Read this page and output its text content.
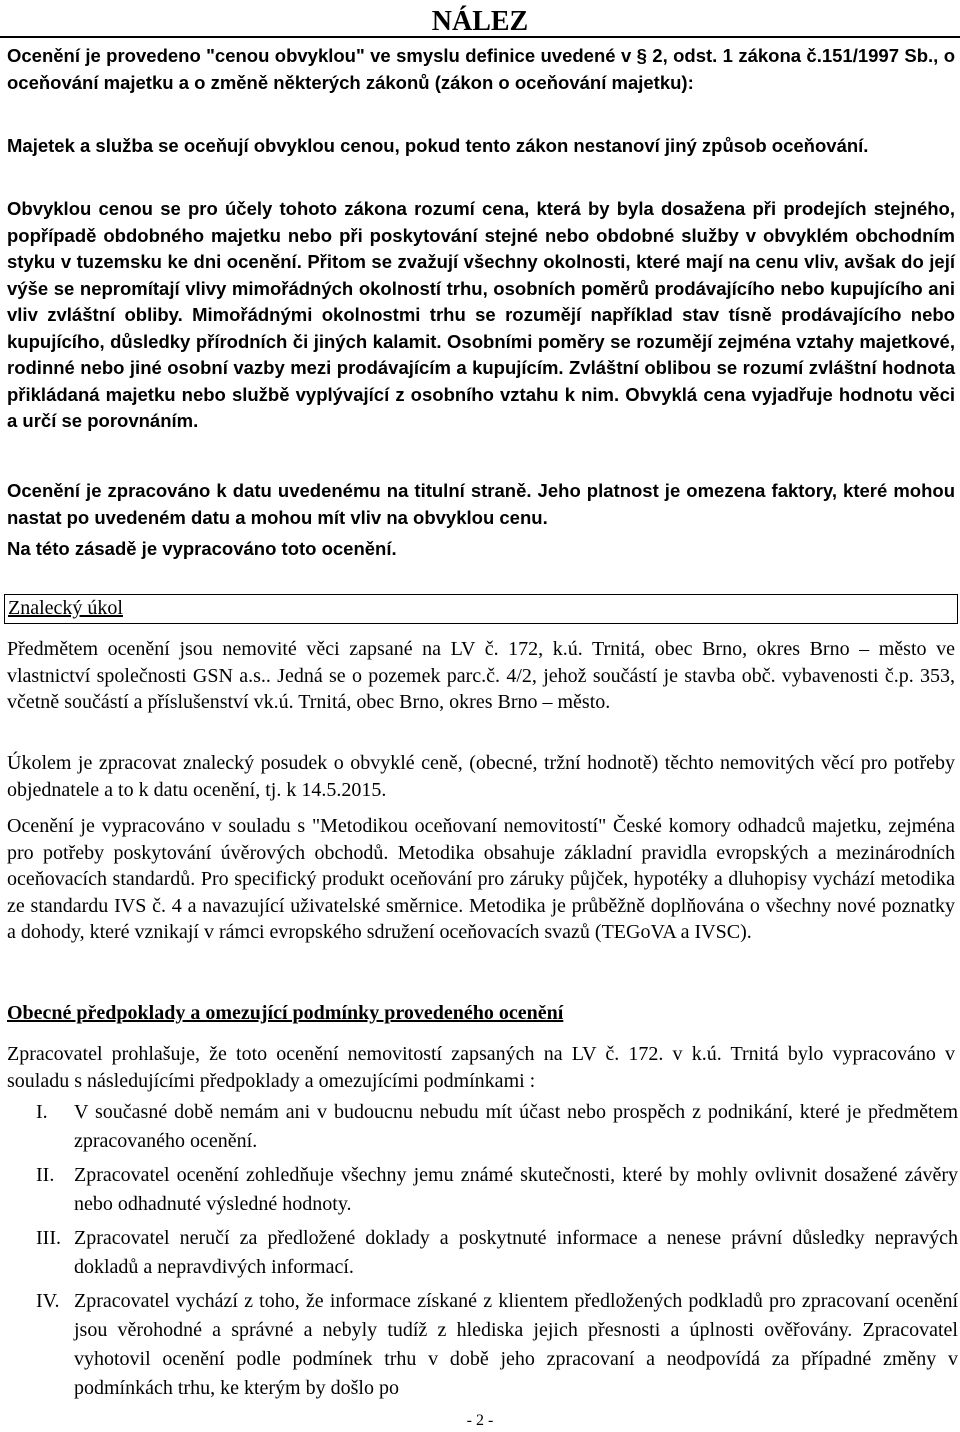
NÁLEZ

Ocenění je provedeno "cenou obvyklou" ve smyslu definice uvedené v § 2, odst. 1 zákona č.151/1997 Sb., o oceňování majetku a o změně některých zákonů (zákon o oceňování majetku):

Majetek a služba se oceňují obvyklou cenou, pokud tento zákon nestanoví jiný způsob oceňování.

Obvyklou cenou se pro účely tohoto zákona rozumí cena, která by byla dosažena při prodejích stejného, popřípadě obdobného majetku nebo při poskytování stejné nebo obdobné služby v obvyklém obchodním styku v tuzemsku ke dni ocenění. Přitom se zvažují všechny okolnosti, které mají na cenu vliv, avšak do její výše se nepromítají vlivy mimořádných okolností trhu, osobních poměrů prodávajícího nebo kupujícího ani vliv zvláštní obliby. Mimořádnými okolnostmi trhu se rozumějí například stav tísně prodávajícího nebo kupujícího, důsledky přírodních či jiných kalamit. Osobními poměry se rozumějí zejména vztahy majetkové, rodinné nebo jiné osobní vazby mezi prodávajícím a kupujícím. Zvláštní oblibou se rozumí zvláštní hodnota přikládaná majetku nebo službě vyplývající z osobního vztahu k nim. Obvyklá cena vyjadřuje hodnotu věci a určí se porovnáním.

Ocenění je zpracováno k datu uvedenému na titulní straně. Jeho platnost je omezena faktory, které mohou nastat po uvedeném datu a mohou mít vliv na obvyklou cenu.

Na této zásadě je vypracováno toto ocenění.

Znalecký úkol

Předmětem ocenění jsou nemovité věci zapsané na LV č. 172, k.ú. Trnitá, obec Brno, okres Brno – město ve vlastnictví společnosti GSN a.s.. Jedná se o pozemek parc.č. 4/2, jehož součástí je stavba obč. vybavenosti č.p. 353, včetně součástí a příslušenství vk.ú. Trnitá, obec Brno, okres Brno – město.

Úkolem je zpracovat znalecký posudek o obvyklé ceně, (obecné, tržní hodnotě) těchto nemovitých věcí pro potřeby objednatele a to k datu ocenění, tj. k 14.5.2015.

Ocenění je vypracováno v souladu s "Metodikou oceňovaní nemovitostí" České komory odhadců majetku, zejména pro potřeby poskytování úvěrových obchodů. Metodika obsahuje základní pravidla evropských a mezinárodních oceňovacích standardů. Pro specifický produkt oceňování pro záruky půjček, hypotéky a dluhopisy vychází metodika ze standardu IVS č. 4 a navazující uživatelské směrnice. Metodika je průběžně doplňována o všechny nové poznatky a dohody, které vznikají v rámci evropského sdružení oceňovacích svazů (TEGoVA a IVSC).

Obecné předpoklady a omezující podmínky provedeného ocenění

Zpracovatel prohlašuje, že toto ocenění nemovitostí zapsaných na LV č. 172. v k.ú. Trnitá bylo vypracováno v souladu s následujícími předpoklady a omezujícími podmínkami :

I.	V současné době nemám ani v budoucnu nebudu mít účast nebo prospěch z podnikání, které je předmětem zpracovaného ocenění.
II. Zpracovatel ocenění zohledňuje všechny jemu známé skutečnosti, které by mohly ovlivnit dosažené závěry nebo odhadnuté výsledné hodnoty.
III. Zpracovatel neručí za předložené doklady a poskytnuté informace a nenese právní důsledky nepravých dokladů a nepravdivých informací.
IV. Zpracovatel vychází z toho, že informace získané z klientem předložených podkladů pro zpracovaní ocenění jsou věrohodné a správné a nebyly tudíž z hlediska jejich přesnosti a úplnosti ověřovány. Zpracovatel vyhotovil ocenění podle podmínek trhu v době jeho zpracovaní a neodpovídá za případné změny v podmínkách trhu, ke kterým by došlo po
- 2 -
